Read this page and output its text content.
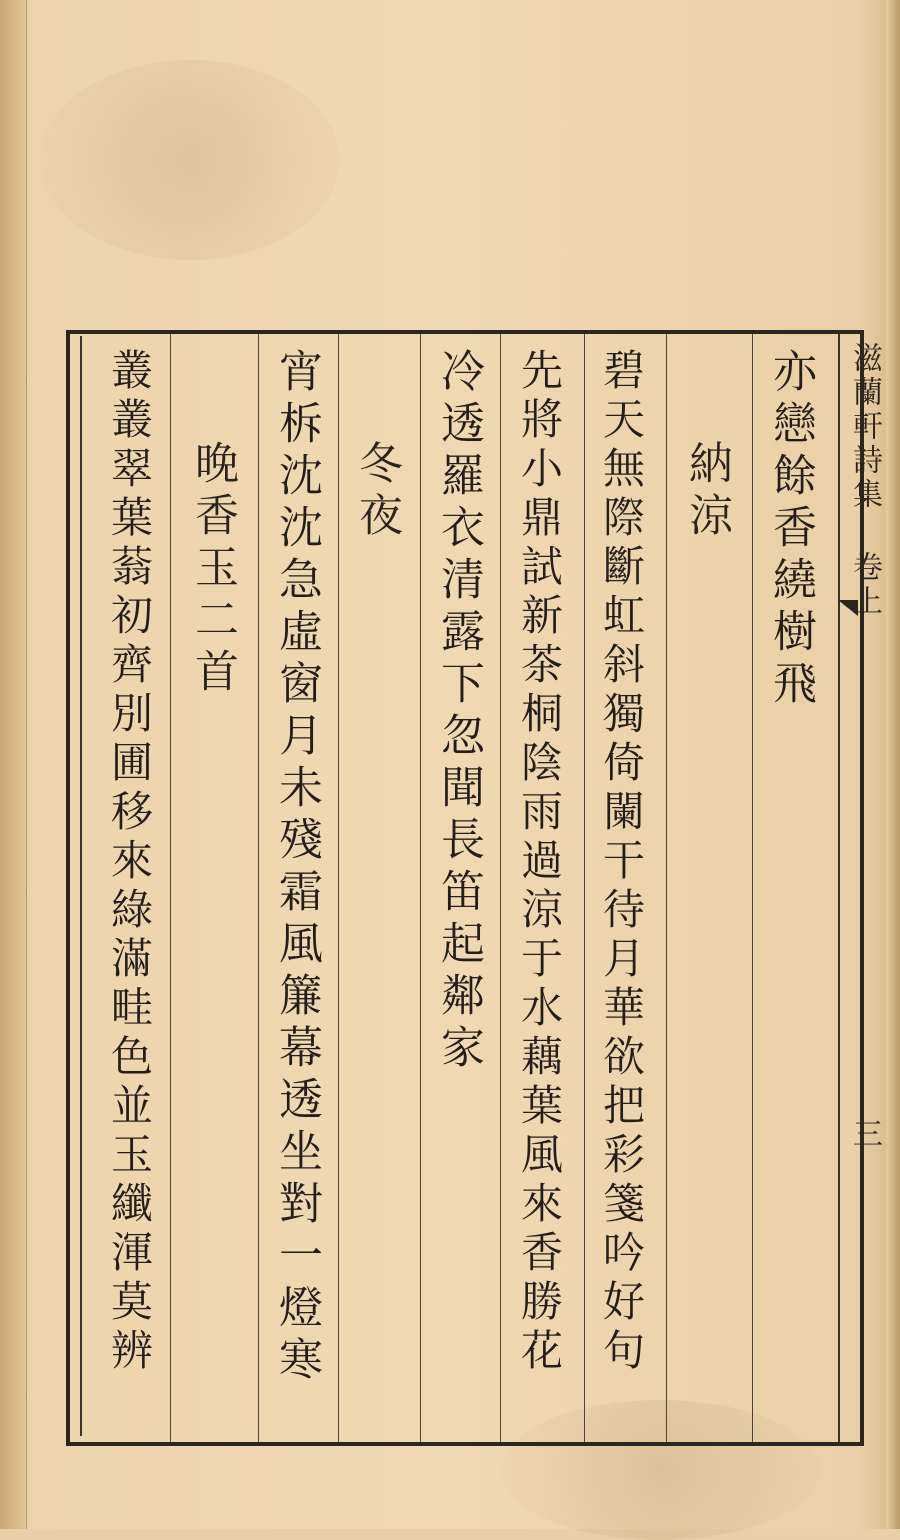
滋蘭軒詩集 卷上
三
亦戀餘香繞樹飛
納涼
碧天無際斷虹斜獨倚闌干待月華欲把彩箋吟好句
先將小鼎試新茶桐陰雨過涼于水藕葉風來香勝花
冷透羅衣清露下忽聞長笛起鄰家
冬夜
宵柝沈沈急虛窗月未殘霜風簾幕透坐對一燈寒
晚香玉二首
叢叢翠葉蓊初齊別圃移來綠滿畦色並玉纖渾莫辨
